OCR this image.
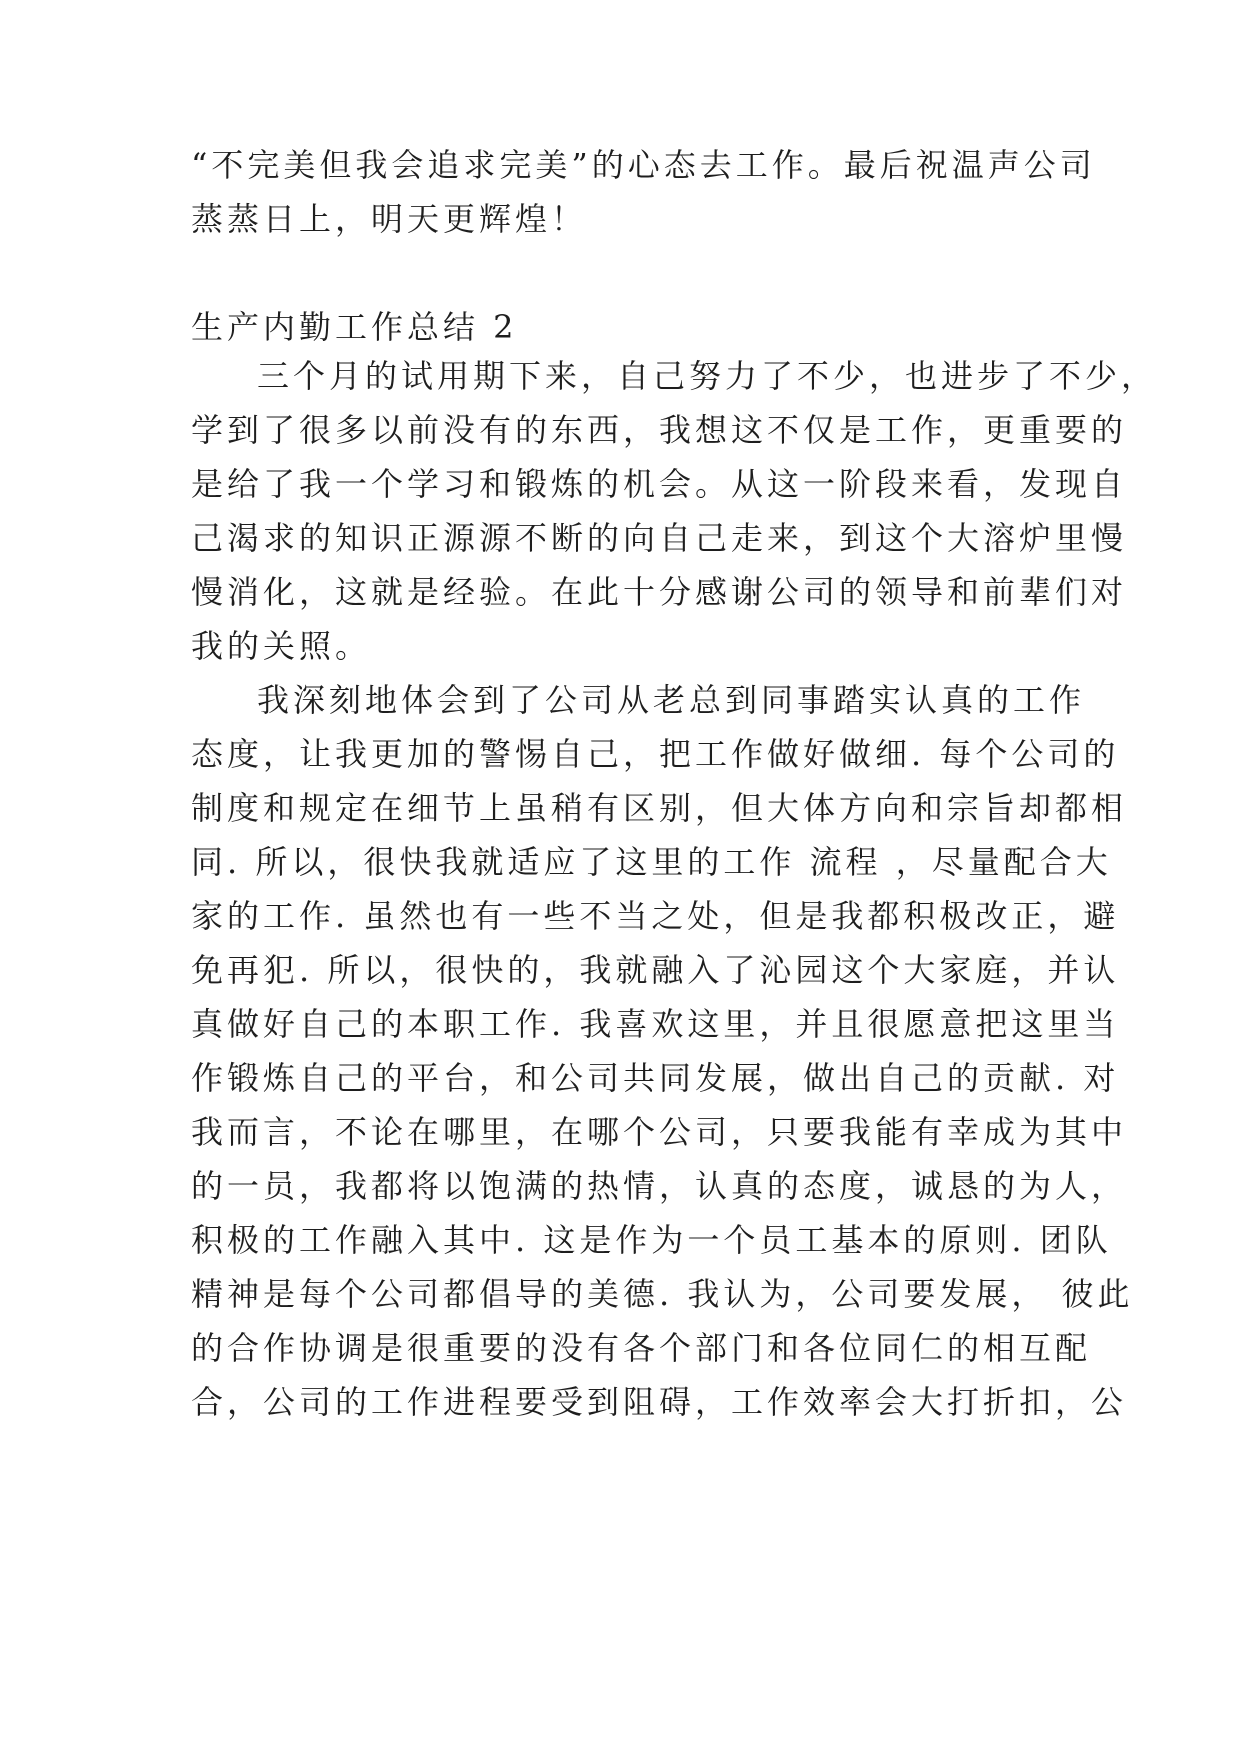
“不完美但我会追求完美”的心态去工作。最后祝温声公司
蒸蒸日上，明天更辉煌！
生产内勤工作总结 2
三个月的试用期下来，自己努力了不少，也进步了不少，
学到了很多以前没有的东西，我想这不仅是工作，更重要的
是给了我一个学习和锻炼的机会。从这一阶段来看，发现自
己渴求的知识正源源不断的向自己走来，到这个大溶炉里慢
慢消化，这就是经验。在此十分感谢公司的领导和前辈们对
我的关照。
我深刻地体会到了公司从老总到同事踏实认真的工作
态度，让我更加的警惕自己，把工作做好做细. 每个公司的
制度和规定在细节上虽稍有区别，但大体方向和宗旨却都相
同. 所以，很快我就适应了这里的工作 流程 ，尽量配合大
家的工作. 虽然也有一些不当之处，但是我都积极改正，避
免再犯. 所以，很快的，我就融入了沁园这个大家庭，并认
真做好自己的本职工作. 我喜欢这里，并且很愿意把这里当
作锻炼自己的平台，和公司共同发展，做出自己的贡献. 对
我而言，不论在哪里，在哪个公司，只要我能有幸成为其中
的一员，我都将以饱满的热情，认真的态度，诚恳的为人，
积极的工作融入其中. 这是作为一个员工基本的原则. 团队
精神是每个公司都倡导的美德. 我认为，公司要发展， 彼此
的合作协调是很重要的没有各个部门和各位同仁的相互配
合，公司的工作进程要受到阻碍，工作效率会大打折扣，公
